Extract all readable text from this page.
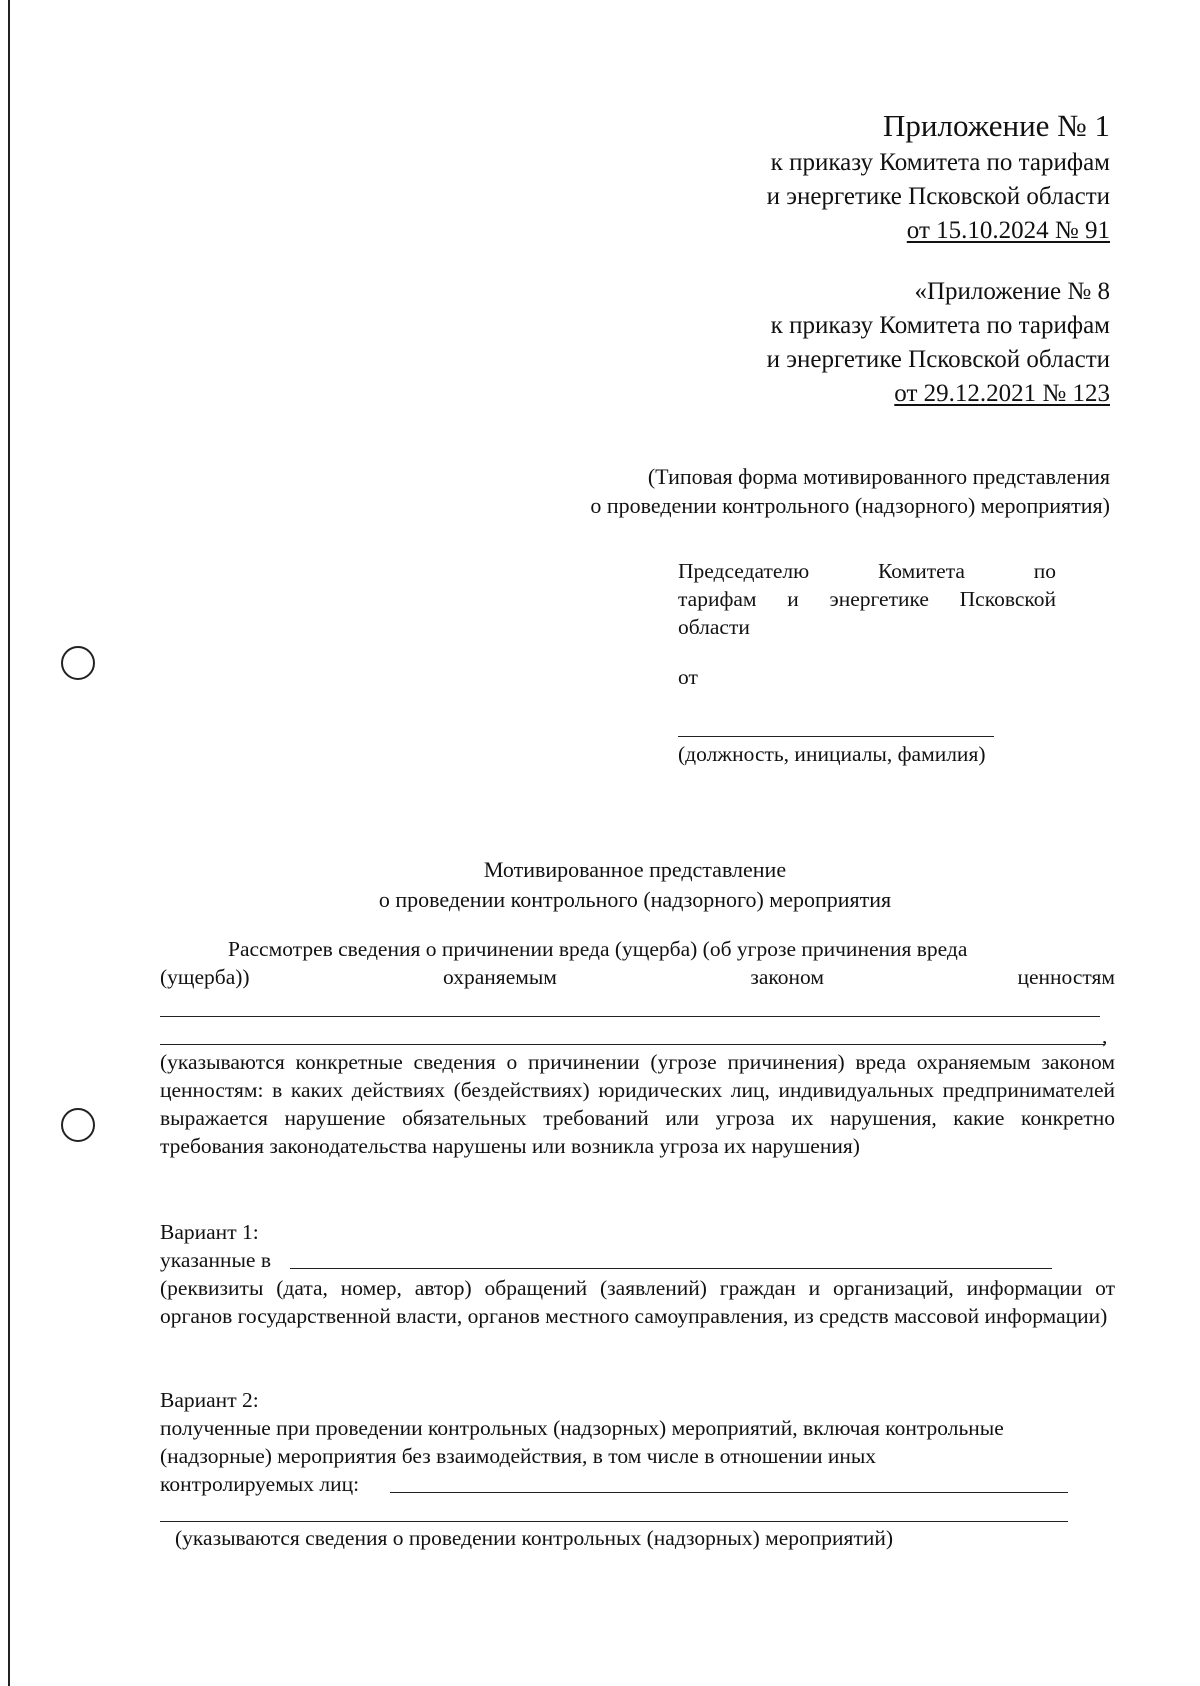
Приложение № 1
к приказу Комитета по тарифам
и энергетике Псковской области
от 15.10.2024 № 91
«Приложение № 8
к приказу Комитета по тарифам
и энергетике Псковской области
от 29.12.2021 № 123
(Типовая форма мотивированного представления
о проведении контрольного (надзорного) мероприятия)
Председателю	Комитета	по
тарифам и энергетике Псковской
области
от
(должность, инициалы, фамилия)
Мотивированное представление
о проведении контрольного (надзорного) мероприятия
Рассмотрев сведения о причинении вреда (ущерба) (об угрозе причинения вреда
(ущерба))	охраняемым	законом	ценностям
,
(указываются конкретные сведения о причинении (угрозе причинения) вреда охраняемым законом ценностям: в каких действиях (бездействиях) юридических лиц, индивидуальных предпринимателей выражается нарушение обязательных требований или угроза их нарушения, какие конкретно требования законодательства нарушены или возникла угроза их нарушения)
Вариант 1:
указанные в
(реквизиты (дата, номер, автор) обращений (заявлений) граждан и организаций, информации от органов государственной власти, органов местного самоуправления, из средств массовой информации)
Вариант 2:
полученные при проведении контрольных (надзорных) мероприятий, включая контрольные
(надзорные) мероприятия без взаимодействия, в том числе в отношении иных
контролируемых лиц:
(указываются сведения о проведении контрольных (надзорных) мероприятий)
